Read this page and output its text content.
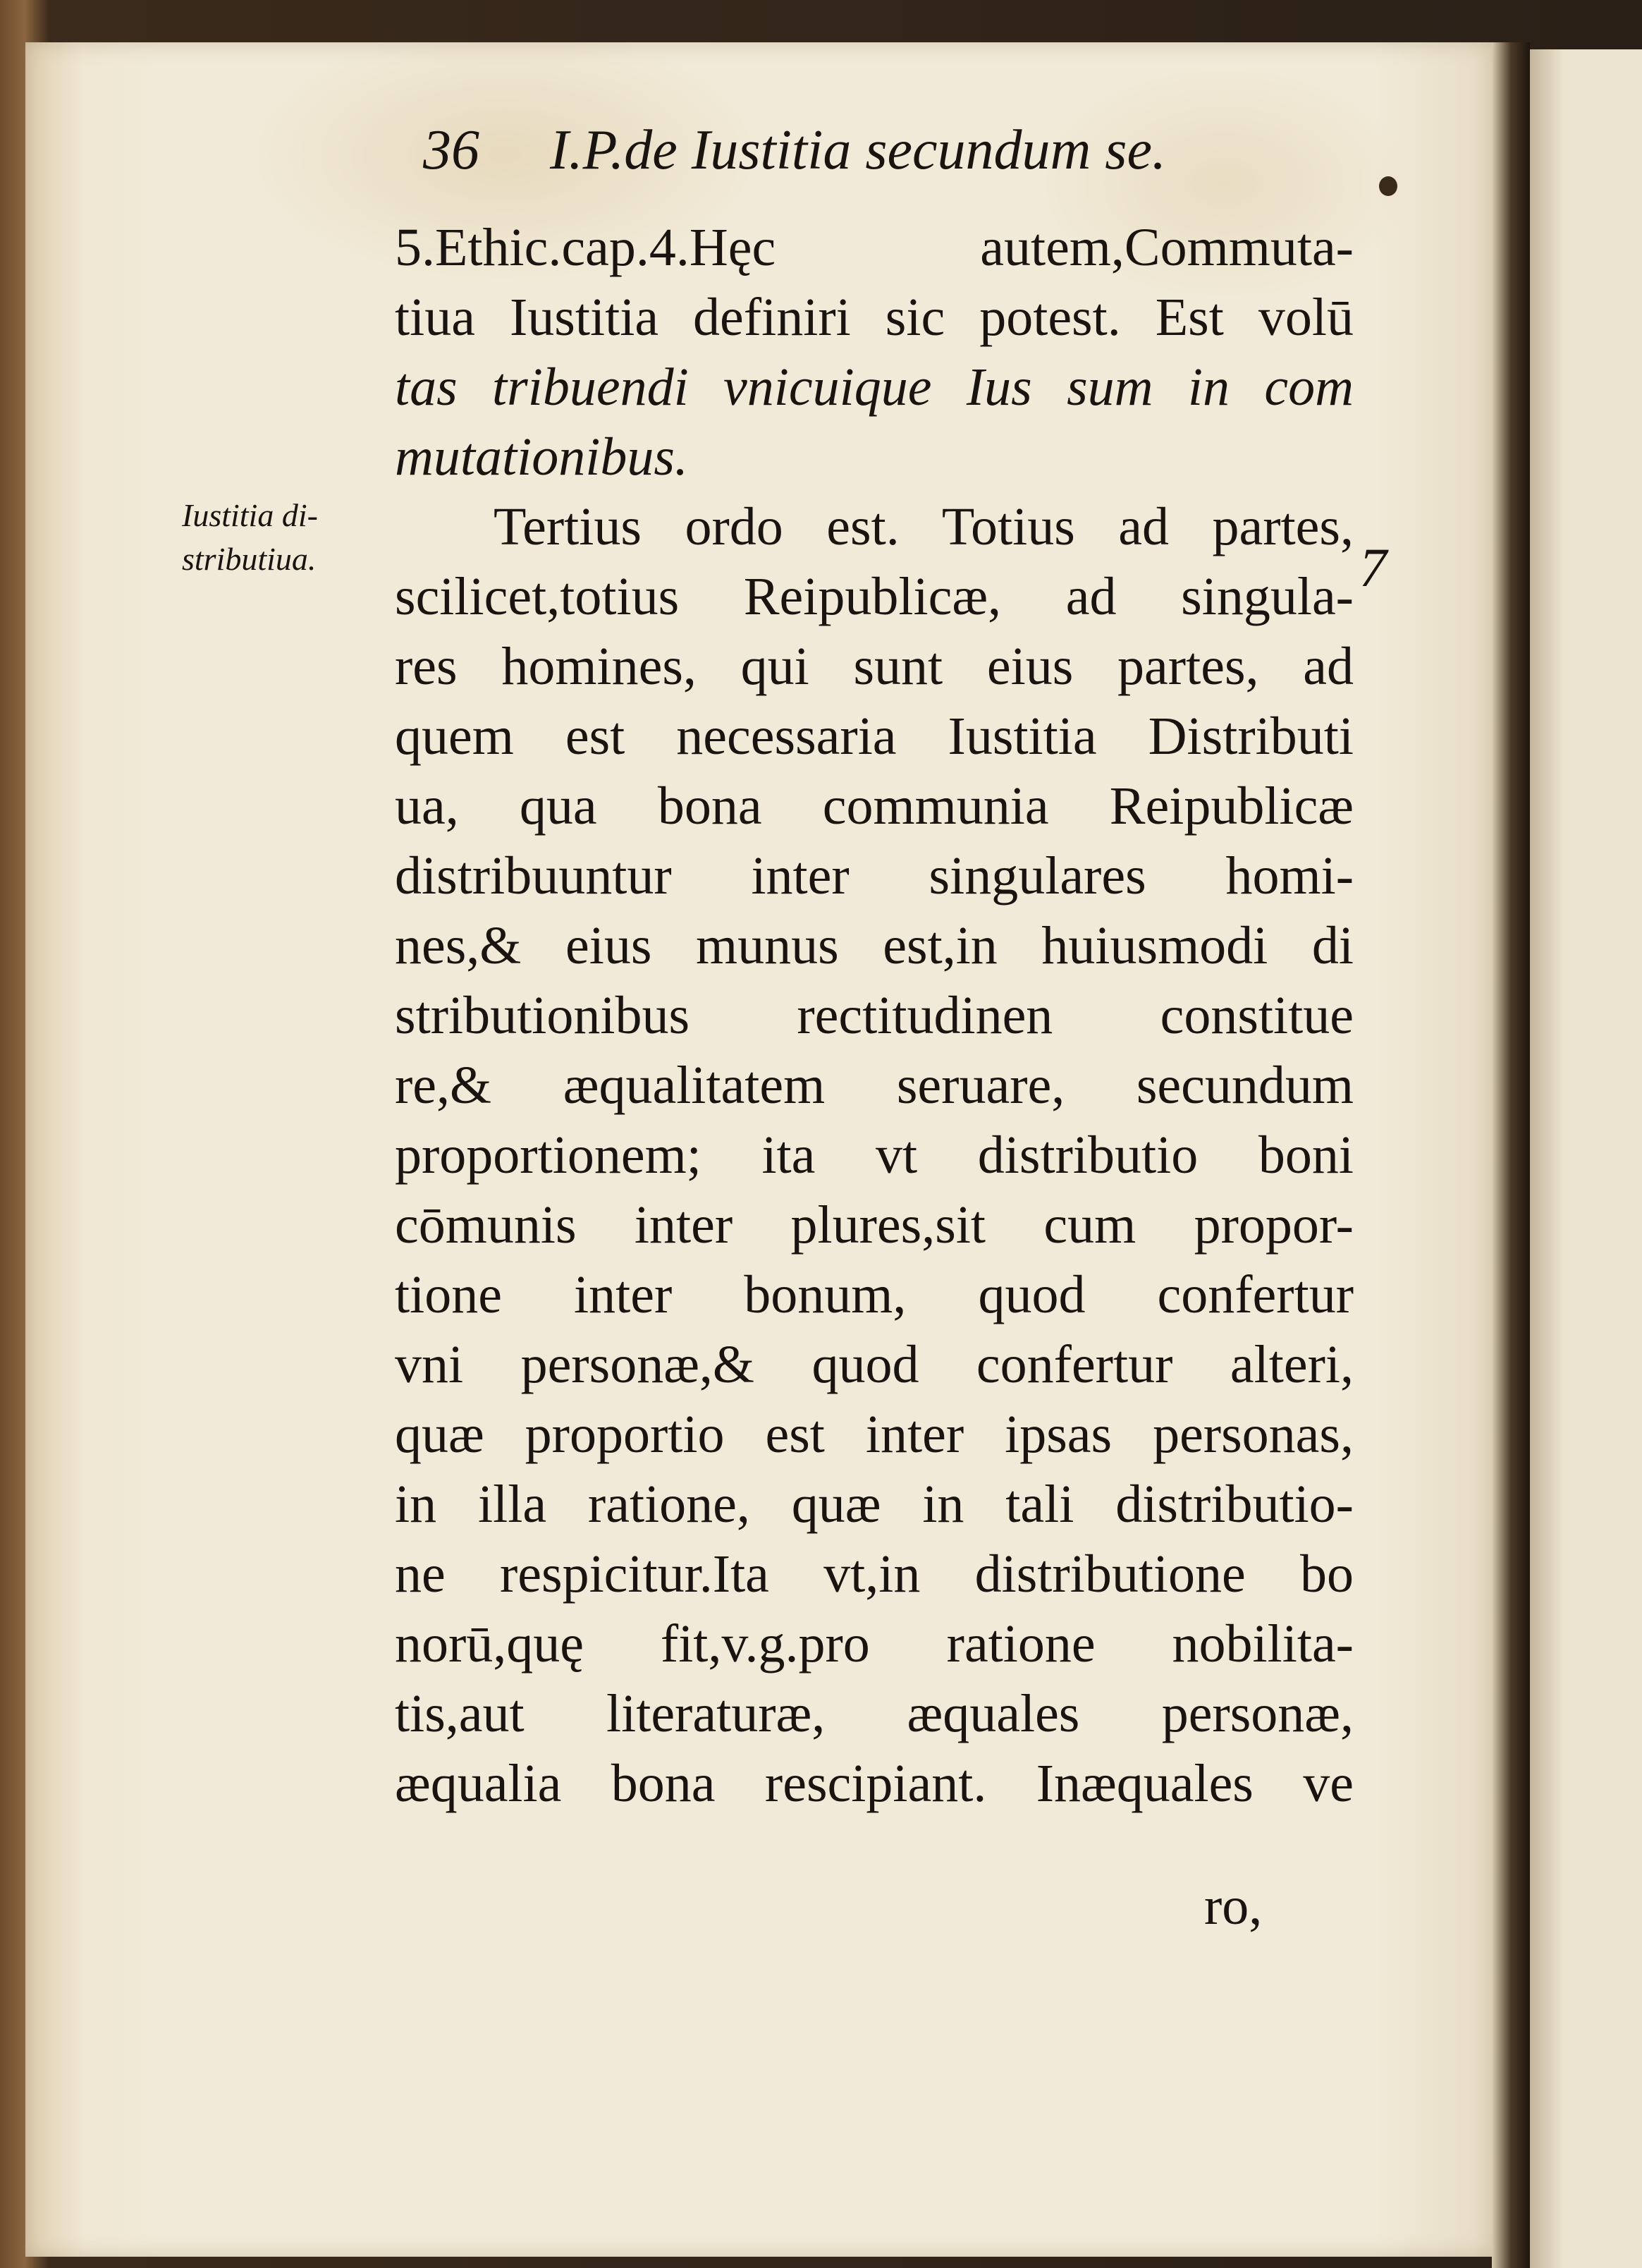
36 I.P.de Iustitia secundum se.
Iustitia di-
stributiua.	7
5.Ethic.cap.4.Hęc autem,Commuta-
tiua Iustitia definiri sic potest. Est volū
tas tribuendi vnicuique Ius sum in com
mutationibus.
Tertius ordo est. Totius ad partes,
scilicet,totius Reipublicæ, ad singula-
res homines, qui sunt eius partes, ad
quem est necessaria Iustitia Distributi
ua, qua bona communia Reipublicæ
distribuuntur inter singulares homi-
nes,& eius munus est,in huiusmodi di
stributionibus rectitudinen constitue
re,& æqualitatem seruare, secundum
proportionem; ita vt distributio boni
cōmunis inter plures,sit cum propor-
tione inter bonum, quod confertur
vni personæ,& quod confertur alteri,
quæ proportio est inter ipsas personas,
in illa ratione, quæ in tali distributio-
ne respicitur.Ita vt,in distributione bo
norū,quę fit,v.g.pro ratione nobilita-
tis,aut literaturæ, æquales personæ,
æqualia bona rescipiant. Inæquales ve
ro,
